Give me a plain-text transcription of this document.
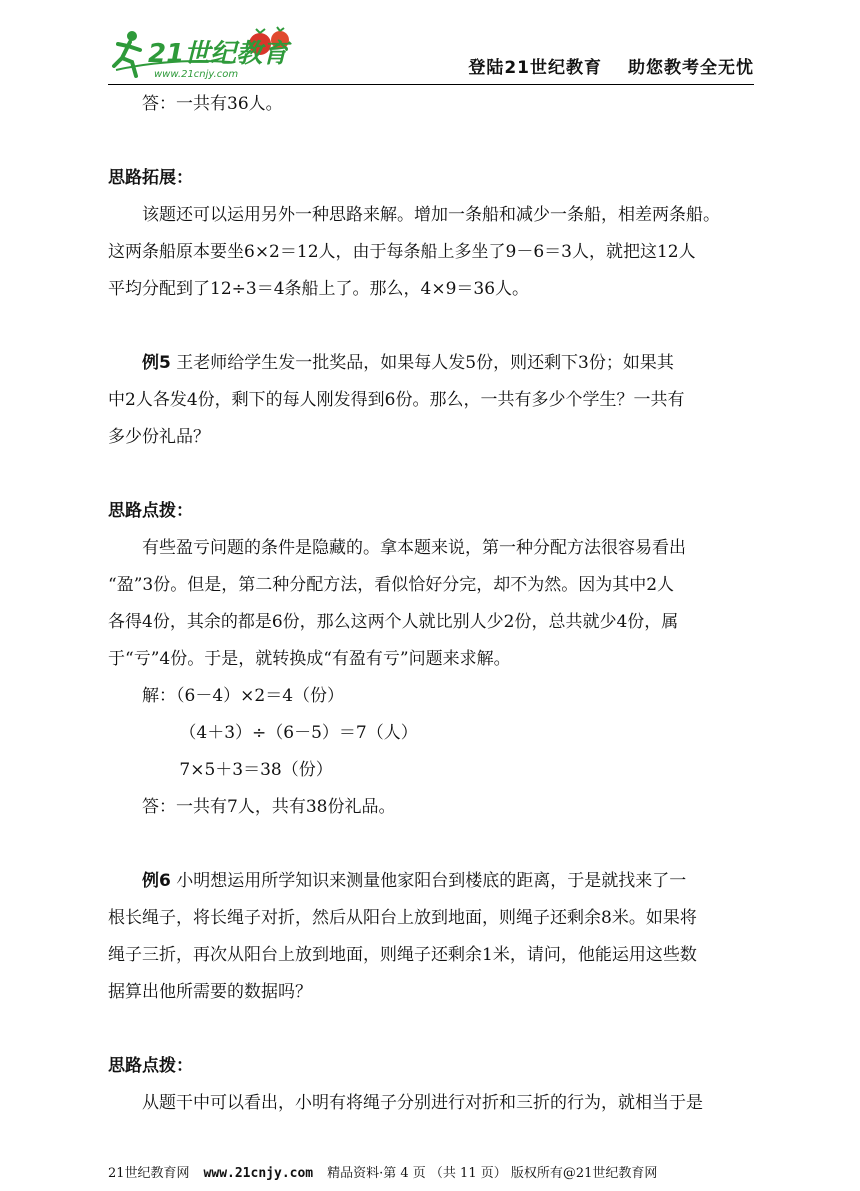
21世纪教育
www.21cnjy.com	登陆21世纪教育 助您教考全无忧

答：一共有36人。

思路拓展：

该题还可以运用另外一种思路来解。增加一条船和减少一条船，相差两条船。

这两条船原本要坐6×2＝12人，由于每条船上多坐了9－6＝3人，就把这12人

平均分配到了12÷3＝4条船上了。那么，4×9＝36人。

例5 王老师给学生发一批奖品，如果每人发5份，则还剩下3份；如果其

中2人各发4份，剩下的每人刚发得到6份。那么，一共有多少个学生？一共有

多少份礼品？

思路点拨：

有些盈亏问题的条件是隐藏的。拿本题来说，第一种分配方法很容易看出

“盈”3份。但是，第二种分配方法，看似恰好分完，却不为然。因为其中2人

各得4份，其余的都是6份，那么这两个人就比别人少2份，总共就少4份，属

于“亏”4份。于是，就转换成“有盈有亏”问题来求解。

解：（6－4）×2＝4（份）

（4＋3）÷（6－5）＝7（人）

7×5＋3＝38（份）

答：一共有7人，共有38份礼品。

例6 小明想运用所学知识来测量他家阳台到楼底的距离，于是就找来了一

根长绳子，将长绳子对折，然后从阳台上放到地面，则绳子还剩余8米。如果将

绳子三折，再次从阳台上放到地面，则绳子还剩余1米，请问，他能运用这些数

据算出他所需要的数据吗？

思路点拨：

从题干中可以看出，小明有将绳子分别进行对折和三折的行为，就相当于是

21世纪教育网 www.21cnjy.com 精品资料·第 4 页 （共 11 页） 版权所有@21世纪教育网
